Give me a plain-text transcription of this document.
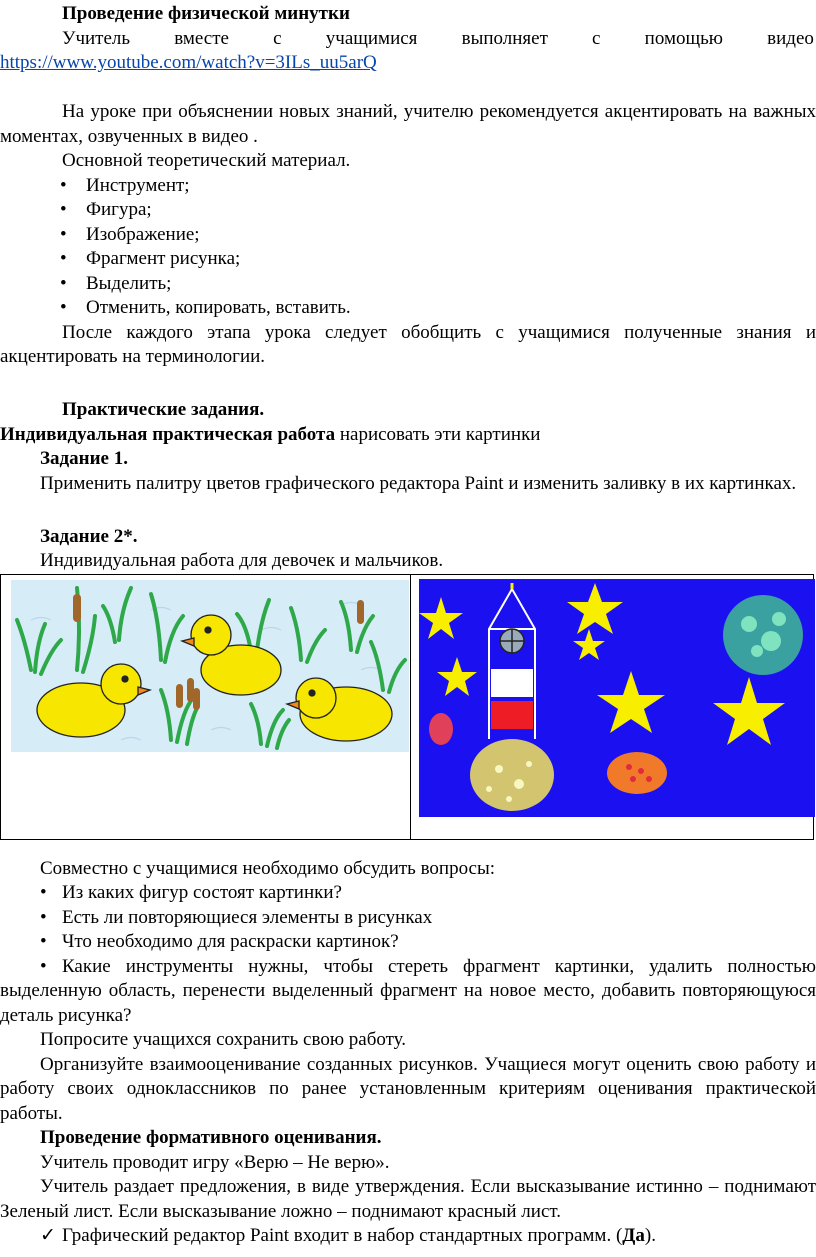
Проведение физической минутки

Учитель вместе с учащимися выполняет с помощью видео

https://www.youtube.com/watch?v=3ILs_uu5arQ

На уроке при объяснении новых знаний, учителю рекомендуется акцентировать на важных моментах, озвученных в видео .

Основной теоретический материал.

• Инструмент;
• Фигура;
• Изображение;
• Фрагмент рисунка;
• Выделить;
• Отменить, копировать, вставить.

После каждого этапа урока следует обобщить с учащимися полученные знания и акцентировать на терминологии.

Практические задания.

Индивидуальная практическая работа нарисовать эти картинки

Задание 1.

Применить палитру цветов графического редактора Paint и изменить заливку в их картинках.

Задание 2*.

Индивидуальная работа для девочек и мальчиков.

Совместно с учащимися необходимо обсудить вопросы:

• Из каких фигур состоят картинки?
• Есть ли повторяющиеся элементы в рисунках
• Что необходимо для раскраски картинок?

• Какие инструменты нужны, чтобы стереть фрагмент картинки, удалить полностью выделенную область, перенести выделенный фрагмент на новое место, добавить повторяющуюся деталь рисунка?

Попросите учащихся сохранить свою работу.

Организуйте взаимооценивание созданных рисунков. Учащиеся могут оценить свою работу и работу своих одноклассников по ранее установленным критериям оценивания практической работы.

Проведение формативного оценивания.

Учитель проводит игру «Верю – Не верю».

Учитель раздает предложения, в виде утверждения. Если высказывание истинно – поднимают Зеленый лист. Если высказывание ложно – поднимают красный лист.

✓ Графический редактор Paint входит в набор стандартных программ. (Да).
